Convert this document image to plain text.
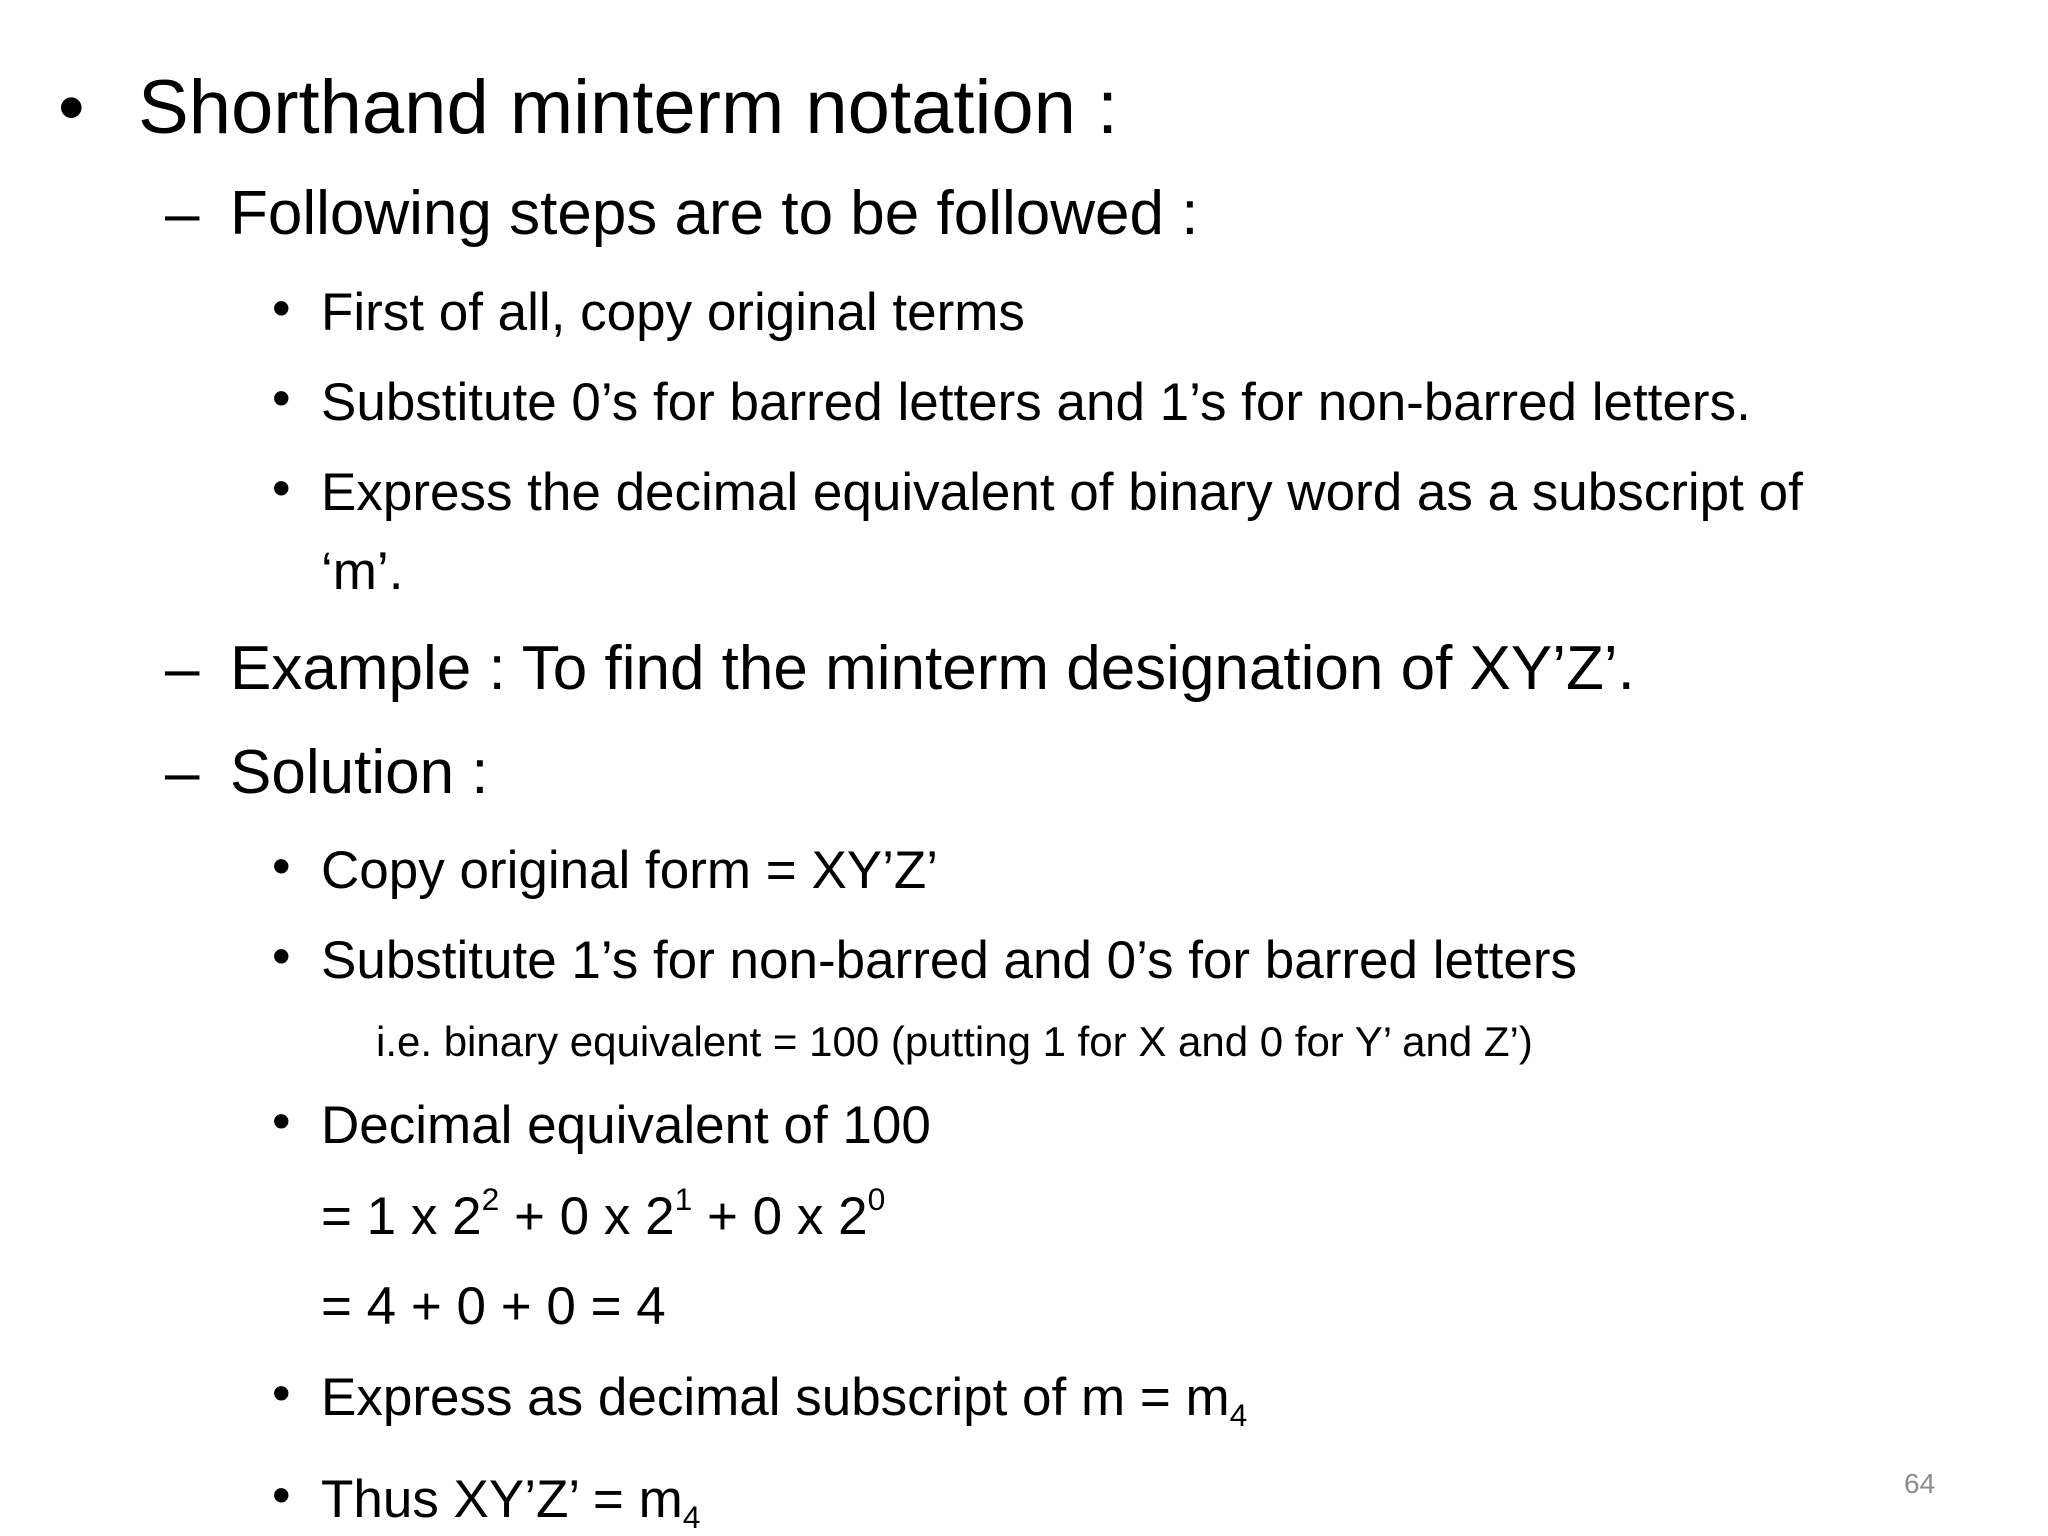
• Shorthand minterm notation :
– Following steps are to be followed :
• First of all, copy original terms
• Substitute 0’s for barred letters and 1’s for non-barred letters.
• Express the decimal equivalent of binary word as a subscript of
‘m’.
– Example : To find the minterm designation of XY’Z’.
– Solution :
• Copy original form = XY’Z’
• Substitute 1’s for non-barred and 0’s for barred letters
i.e. binary equivalent = 100 (putting 1 for X and 0 for Y’ and Z’)
• Decimal equivalent of 100
= 1 x $2^2 + 0$ x $2^1 + 0$ x $2^0$
= 4 + 0 + 0 = 4
• Express as decimal subscript of $m = m_4$
• Thus XY’Z’ = $m_4$
64
